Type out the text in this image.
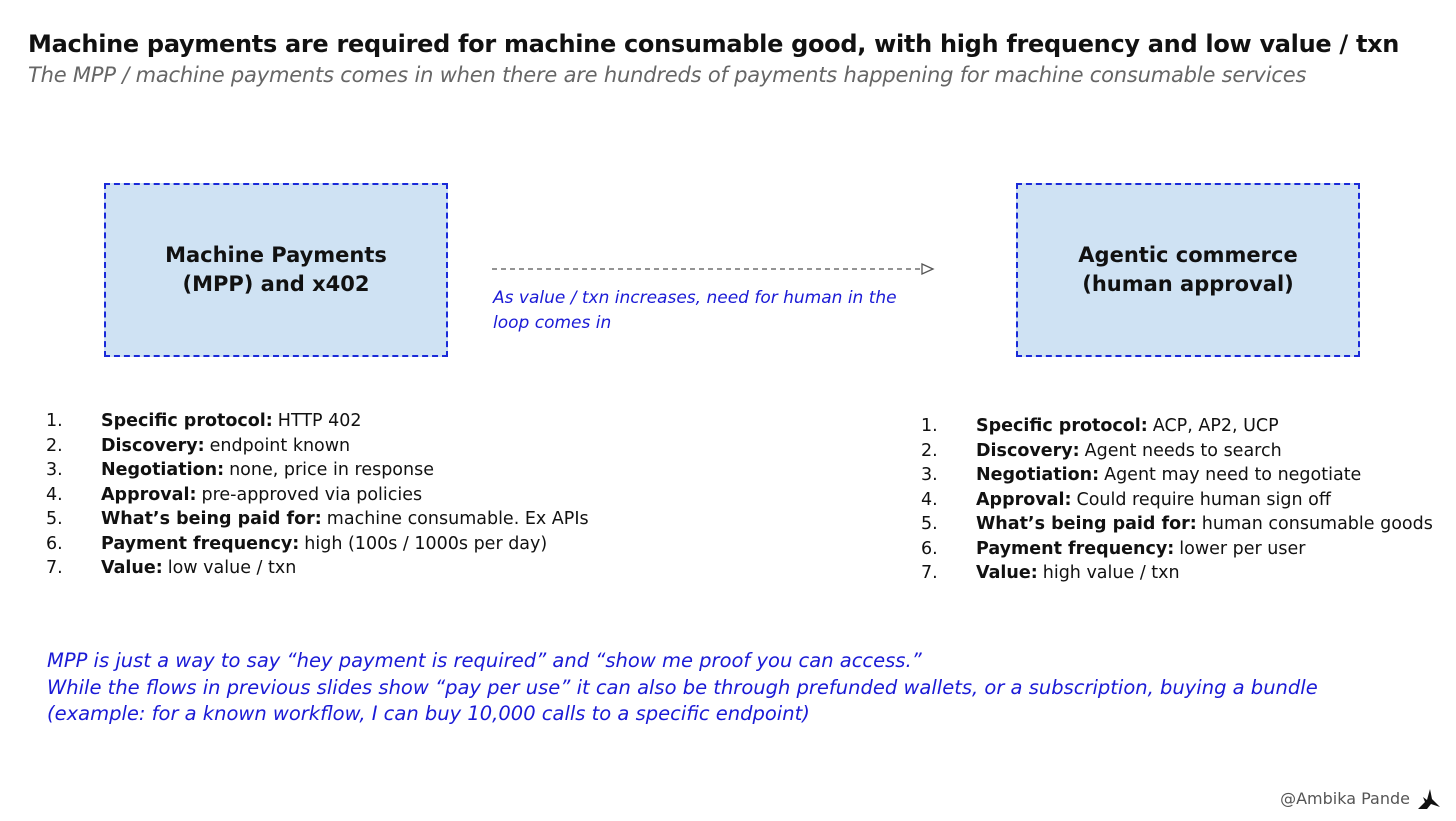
Machine payments are required for machine consumable good, with high frequency and low value / txn
The MPP / machine payments comes in when there are hundreds of payments happening for machine consumable services
Machine Payments
(MPP) and x402
As value / txn increases, need for human in the loop comes in
Agentic commerce
(human approval)
1.	Specific protocol: HTTP 402
2.	Discovery: endpoint known
3.	Negotiation: none, price in response
4.	Approval: pre-approved via policies
5.	What’s being paid for: machine consumable. Ex APIs
6.	Payment frequency: high (100s / 1000s per day)
7.	Value: low value / txn
1.	Specific protocol: ACP, AP2, UCP
2.	Discovery: Agent needs to search
3.	Negotiation: Agent may need to negotiate
4.	Approval: Could require human sign off
5.	What’s being paid for: human consumable goods
6.	Payment frequency: lower per user
7.	Value: high value / txn
MPP is just a way to say “hey payment is required” and “show me proof you can access.”
While the flows in previous slides show “pay per use” it can also be through prefunded wallets, or a subscription, buying a bundle
(example: for a known workflow, I can buy 10,000 calls to a specific endpoint)
@Ambika Pande
